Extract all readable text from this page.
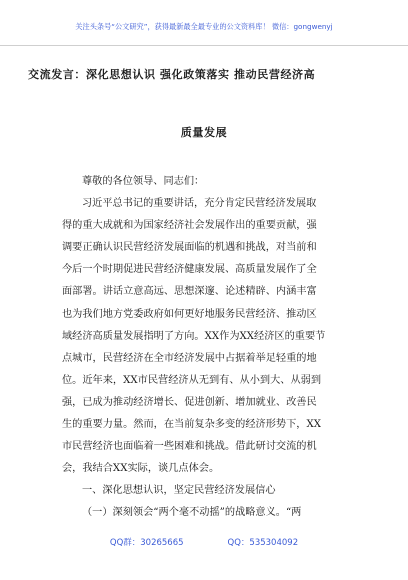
关注头条号“公文研究”，获得最新最全最专业的公文资料库！ 微信：gongwenyj
交流发言：深化思想认识 强化政策落实 推动民营经济高
质量发展
尊敬的各位领导、同志们：
习近平总书记的重要讲话，充分肯定民营经济发展取
得的重大成就和为国家经济社会发展作出的重要贡献，强
调要正确认识民营经济发展面临的机遇和挑战，对当前和
今后一个时期促进民营经济健康发展、高质量发展作了全
面部署。讲话立意高远、思想深邃、论述精辟、内涵丰富
也为我们地方党委政府如何更好地服务民营经济、推动区
域经济高质量发展指明了方向。XX作为XX经济区的重要节
点城市，民营经济在全市经济发展中占据着举足轻重的地
位。近年来，XX市民营经济从无到有、从小到大、从弱到
强，已成为推动经济增长、促进创新、增加就业、改善民
生的重要力量。然而，在当前复杂多变的经济形势下，XX
市民营经济也面临着一些困难和挑战。借此研讨交流的机
会，我结合XX实际，谈几点体会。
一、深化思想认识，坚定民营经济发展信心
（一）深刻领会“两个毫不动摇”的战略意义。“两
QQ群：30265665	QQ：535304092
